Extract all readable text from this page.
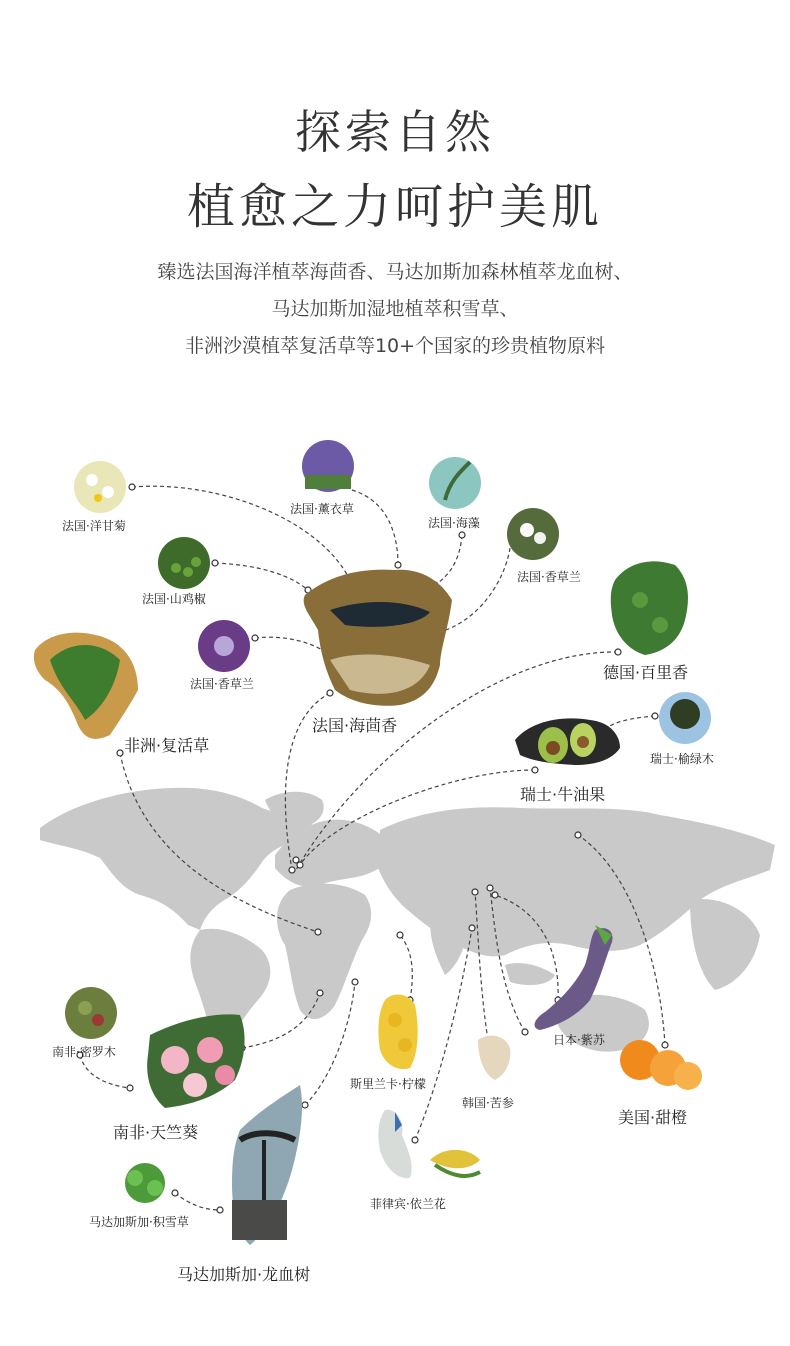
探索自然
植愈之力呵护美肌
臻选法国海洋植萃海茴香、马达加斯加森林植萃龙血树、
马达加斯加湿地植萃积雪草、
非洲沙漠植萃复活草等10+个国家的珍贵植物原料
法国·洋甘菊
法国·薰衣草
法国·海藻
法国·香草兰
法国·山鸡椒
法国·香草兰
法国·海茴香
德国·百里香
非洲·复活草
瑞士·榆绿木
瑞士·牛油果
南非·密罗木
南非·天竺葵
斯里兰卡·柠檬
韩国·苦参
日本·紫苏
美国·甜橙
菲律宾·依兰花
马达加斯加·积雪草
马达加斯加·龙血树
